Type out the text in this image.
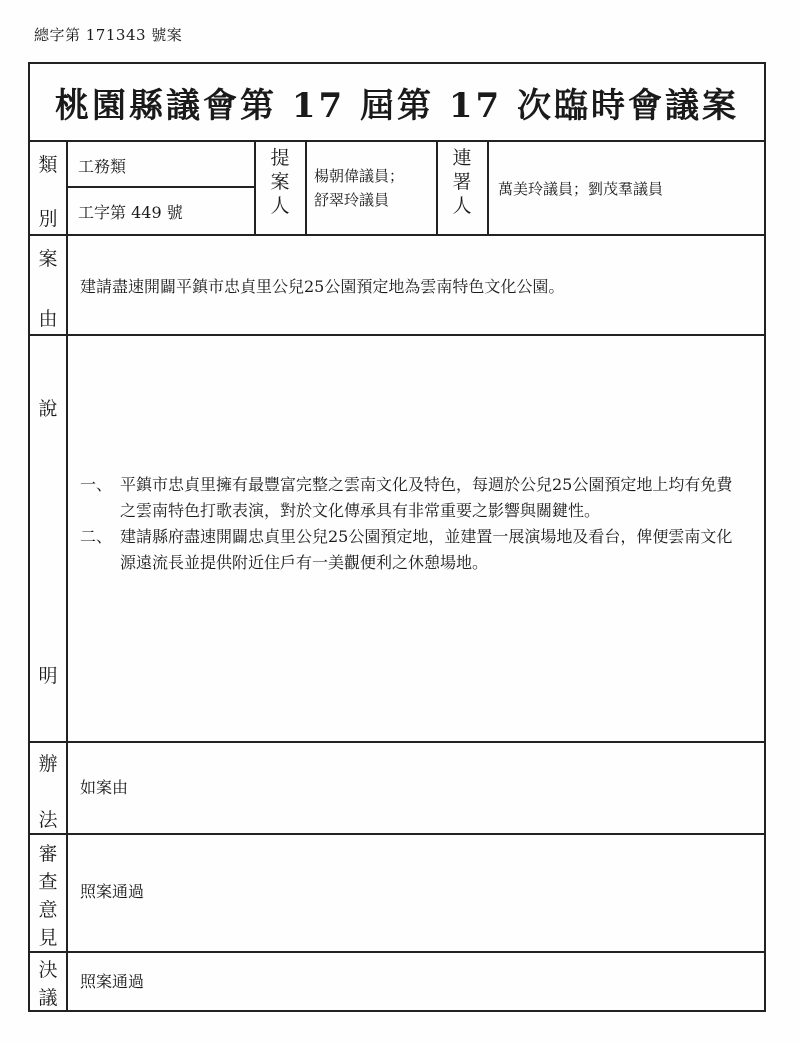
總字第 171343 號案
桃園縣議會第 17 屆第 17 次臨時會議案
類
別
工務類
工字第 449 號
提
案
人
楊朝偉議員；
舒翠玲議員
連
署
人
萬美玲議員；劉茂羣議員
案
由
建請盡速開闢平鎮市忠貞里公兒25公園預定地為雲南特色文化公園。
說
明
一、 平鎮市忠貞里擁有最豐富完整之雲南文化及特色，每週於公兒25公園預定地上均有免費之雲南特色打歌表演，對於文化傳承具有非常重要之影響與關鍵性。
二、 建請縣府盡速開闢忠貞里公兒25公園預定地，並建置一展演場地及看台，俾便雲南文化源遠流長並提供附近住戶有一美觀便利之休憩場地。
辦
法
如案由
審
查
意
見
照案通過
決
議
照案通過
